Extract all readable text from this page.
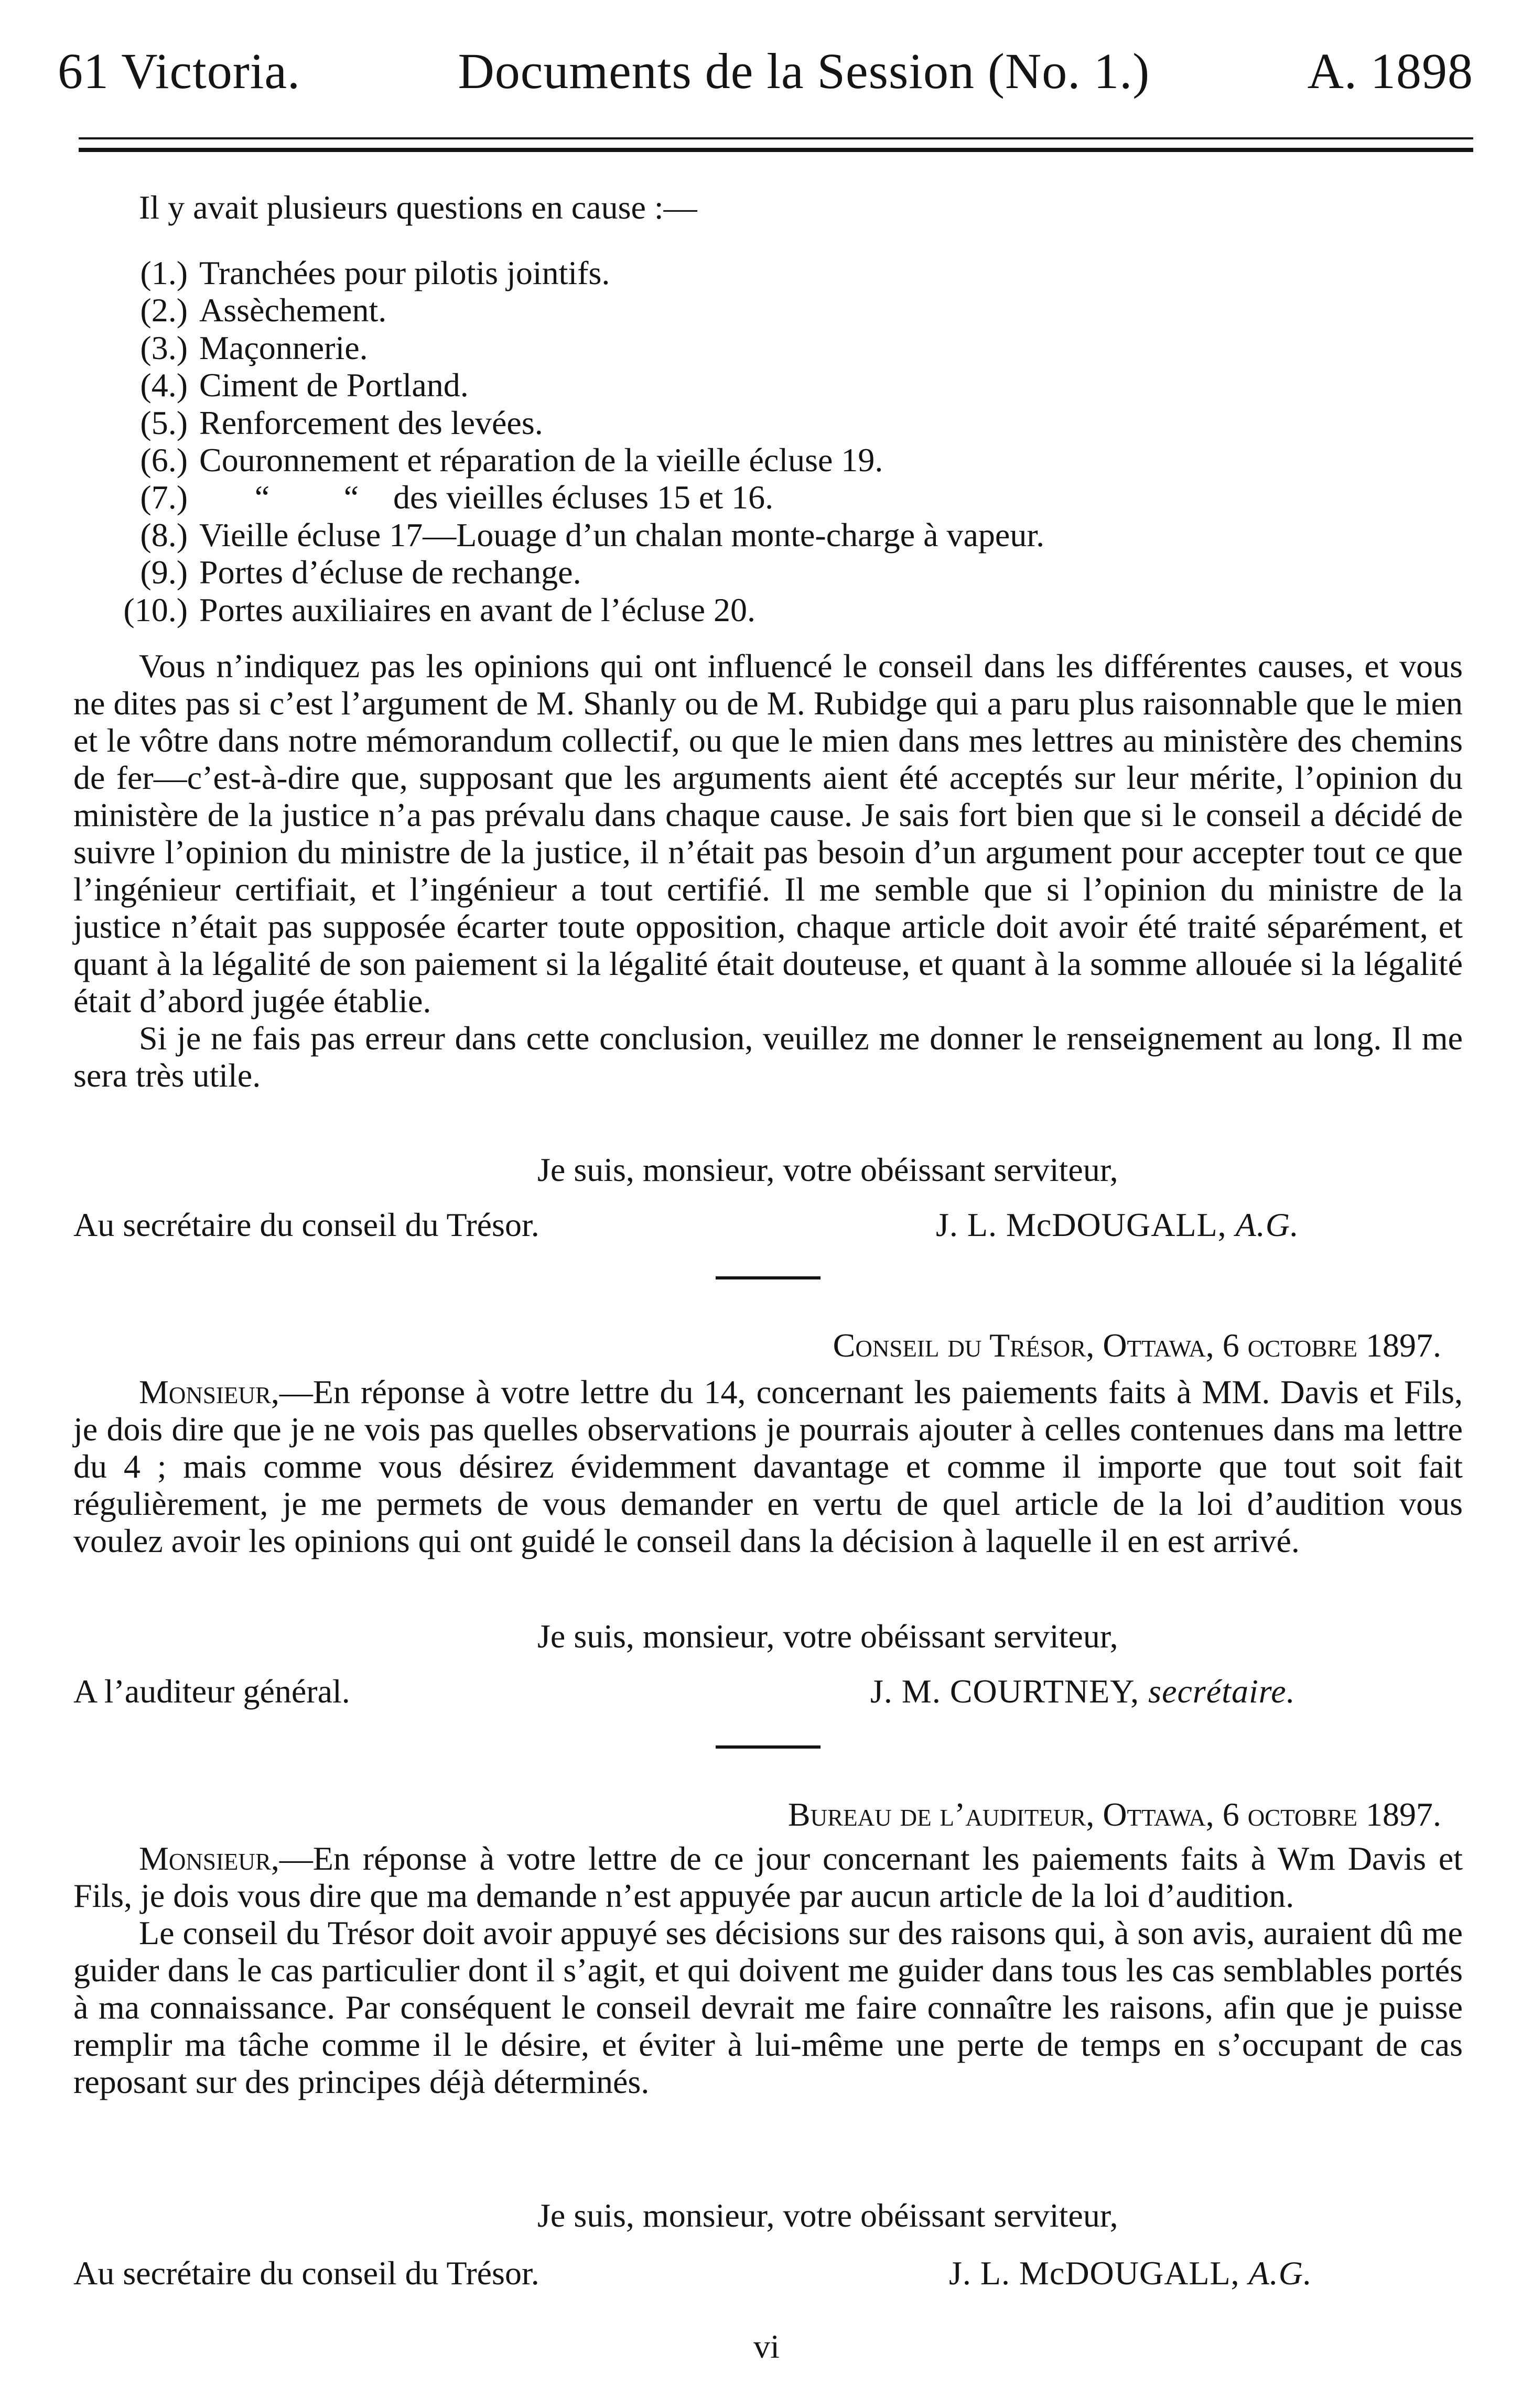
61 Victoria.	Documents de la Session (No. 1.)	A. 1898
Il y avait plusieurs questions en cause :—
(1.) Tranchées pour pilotis jointifs.
(2.) Assèchement.
(3.) Maçonnerie.
(4.) Ciment de Portland.
(5.) Renforcement des levées.
(6.) Couronnement et réparation de la vieille écluse 19.
(7.)	“	“	des vieilles écluses 15 et 16.
(8.) Vieille écluse 17—Louage d’un chalan monte-charge à vapeur.
(9.) Portes d’écluse de rechange.
(10.) Portes auxiliaires en avant de l’écluse 20.

Vous n’indiquez pas les opinions qui ont influencé le conseil dans les différentes causes, et vous ne dites pas si c’est l’argument de M. Shanly ou de M. Rubidge qui a paru plus raisonnable que le mien et le vôtre dans notre mémorandum collectif, ou que le mien dans mes lettres au ministère des chemins de fer—c’est-à-dire que, supposant que les arguments aient été acceptés sur leur mérite, l’opinion du ministère de la justice n’a pas prévalu dans chaque cause. Je sais fort bien que si le conseil a décidé de suivre l’opinion du ministre de la justice, il n’était pas besoin d’un argument pour accepter tout ce que l’ingénieur certifiait, et l’ingénieur a tout certifié. Il me semble que si l’opinion du ministre de la justice n’était pas supposée écarter toute opposition, chaque article doit avoir été traité séparément, et quant à la légalité de son paiement si la légalité était douteuse, et quant à la somme allouée si la légalité était d’abord jugée établie.

Si je ne fais pas erreur dans cette conclusion, veuillez me donner le renseignement au long. Il me sera très utile.

Je suis, monsieur, votre obéissant serviteur,
Au secrétaire du conseil du Trésor.	J. L. McDOUGALL, A.G.
Conseil du Trésor, Ottawa, 6 octobre 1897.

Monsieur,—En réponse à votre lettre du 14, concernant les paiements faits à MM. Davis et Fils, je dois dire que je ne vois pas quelles observations je pourrais ajouter à celles contenues dans ma lettre du 4 ; mais comme vous désirez évidemment davantage et comme il importe que tout soit fait régulièrement, je me permets de vous demander en vertu de quel article de la loi d’audition vous voulez avoir les opinions qui ont guidé le conseil dans la décision à laquelle il en est arrivé.

Je suis, monsieur, votre obéissant serviteur,
A l’auditeur général.	J. M. COURTNEY, secrétaire.
Bureau de l’auditeur, Ottawa, 6 octobre 1897.

Monsieur,—En réponse à votre lettre de ce jour concernant les paiements faits à Wm Davis et Fils, je dois vous dire que ma demande n’est appuyée par aucun article de la loi d’audition.

Le conseil du Trésor doit avoir appuyé ses décisions sur des raisons qui, à son avis, auraient dû me guider dans le cas particulier dont il s’agit, et qui doivent me guider dans tous les cas semblables portés à ma connaissance. Par conséquent le conseil devrait me faire connaître les raisons, afin que je puisse remplir ma tâche comme il le désire, et éviter à lui-même une perte de temps en s’occupant de cas reposant sur des principes déjà déterminés.

Je suis, monsieur, votre obéissant serviteur,
Au secrétaire du conseil du Trésor.	J. L. McDOUGALL, A.G.
vi
